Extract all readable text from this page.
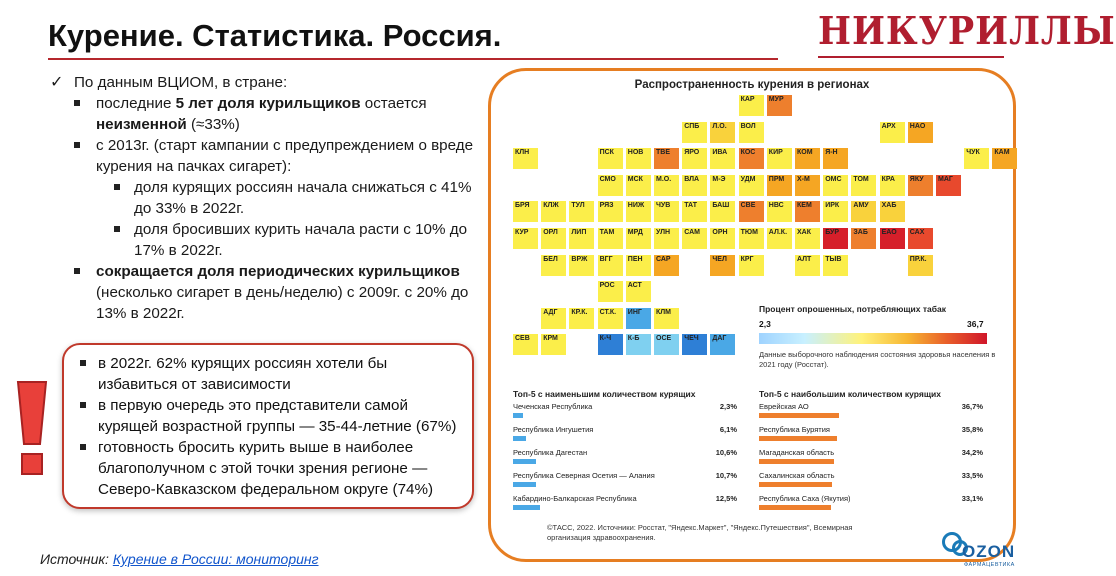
Курение. Статистика. Россия.	НИКУРИЛЛЫ
✓ По данным ВЦИОМ, в стране:
последние 5 лет доля курильщиков остается неизменной (≈33%)
с 2013г. (старт кампании с предупреждением о вреде курения на пачках сигарет):
доля курящих россиян начала снижаться с 41% до 33% в 2022г.
доля бросивших курить начала расти с 10% до 17% в 2022г.
сокращается доля периодических курильщиков (несколько сигарет в день/неделю) с 2009г. с 20% до 13% в 2022г.
в 2022г. 62% курящих россиян хотели бы избавиться от зависимости
в первую очередь это представители самой курящей возрастной группы — 35-44-летние (67%)
готовность бросить курить выше в наиболее благополучном с этой точки зрения регионе — Северо-Кавказском федеральном округе (74%)
Источник: Курение в России: мониторинг
Распространенность курения в регионах
КАР	МУР
СПБ	Л.О.	ВОЛ	АРХ	НАО
КЛН	ПСК	НОВ	ТВЕ	ЯРО	ИВА	КОС	КИР	КОМ	Я-Н	ЧУК	КАМ
СМО	МСК	М.О.	ВЛА	М-Э	УДМ	ПРМ	Х-М	ОМС	ТОМ	КРА	ЯКУ	МАГ
БРЯ	КЛЖ	ТУЛ	РЯЗ	НИЖ	ЧУВ	ТАТ	БАШ	СВЕ	НВС	КЕМ	ИРК	АМУ	ХАБ
КУР	ОРЛ	ЛИП	ТАМ	МРД	УЛН	САМ	ОРН	ТЮМ	АЛ.К.	ХАК	БУР	ЗАБ	ЕАО	САХ
БЕЛ	ВРЖ	ВГГ	ПЕН	САР	ЧЕЛ	КРГ	АЛТ	ТЫВ	ПР.К.
РОС	АСТ
АДГ	КР.К.	СТ.К.	ИНГ	КЛМ
СЕВ	КРМ	К-Ч	К-Б	ОСЕ	ЧЕЧ	ДАГ
Процент опрошенных, потребляющих табак
2,3	36,7
Данные выборочного наблюдения состояния здоровья населения в 2021 году (Росстат).
Топ-5 с наименьшим количеством курящих
Чеченская Республика	2,3%
Республика Ингушетия	6,1%
Республика Дагестан	10,6%
Республика Северная Осетия — Алания	10,7%
Кабардино-Балкарская Республика	12,5%
Топ-5 с наибольшим количеством курящих
Еврейская АО	36,7%
Республика Бурятия	35,8%
Магаданская область	34,2%
Сахалинская область	33,5%
Республика Саха (Якутия)	33,1%
©ТАСС, 2022. Источники: Росстат, "Яндекс.Маркет", "Яндекс.Путешествия", Всемирная организация здравоохранения.
OZON
ФАРМАЦЕВТИКА
